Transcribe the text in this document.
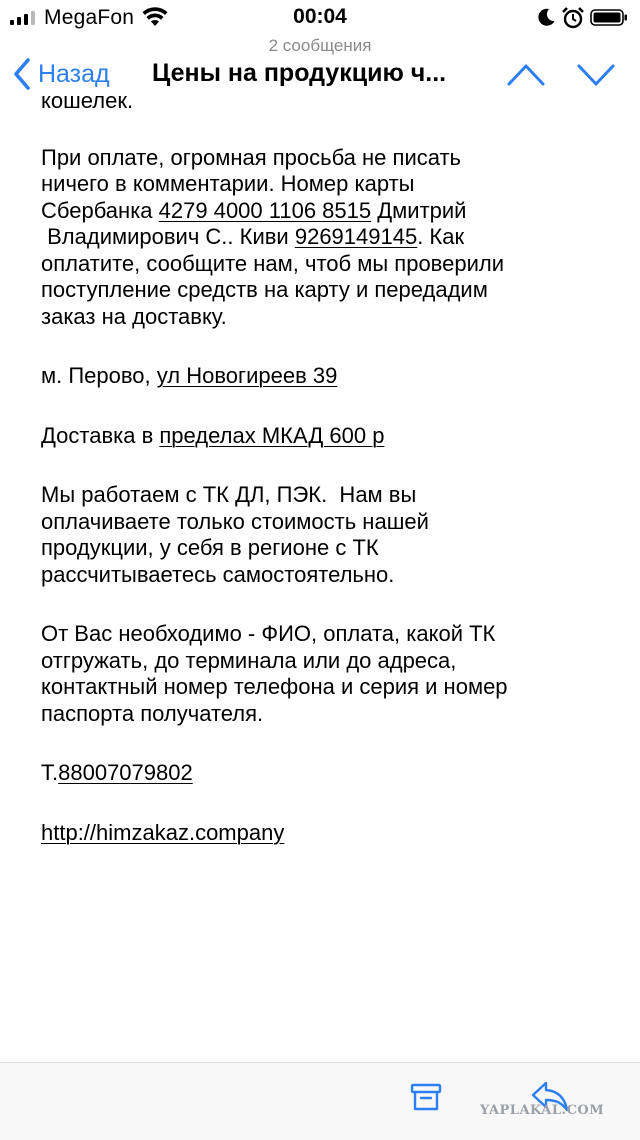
MegaFon	00:04
2 сообщения
Назад Цены на продукцию ч...

кошелек.

При оплате, огромная просьба не писать

ничего в комментарии. Номер карты

Сбербанка 4279 4000 1106 8515 Дмитрий

Владимирович С.. Киви 9269149145. Как

оплатите, сообщите нам, чтоб мы проверили

поступление средств на карту и передадим

заказ на доставку.

м. Перово, ул Новогиреев 39

Доставка в пределах МКАД 600 р

Мы работаем с ТК ДЛ, ПЭК.  Нам вы

оплачиваете только стоимость нашей

продукции, у себя в регионе с ТК

рассчитываетесь самостоятельно.

От Вас необходимо - ФИО, оплата, какой ТК

отгружать, до терминала или до адреса,

контактный номер телефона и серия и номер

паспорта получателя.

Т.88007079802

http://himzakaz.company

YAPLAKAL.COM
